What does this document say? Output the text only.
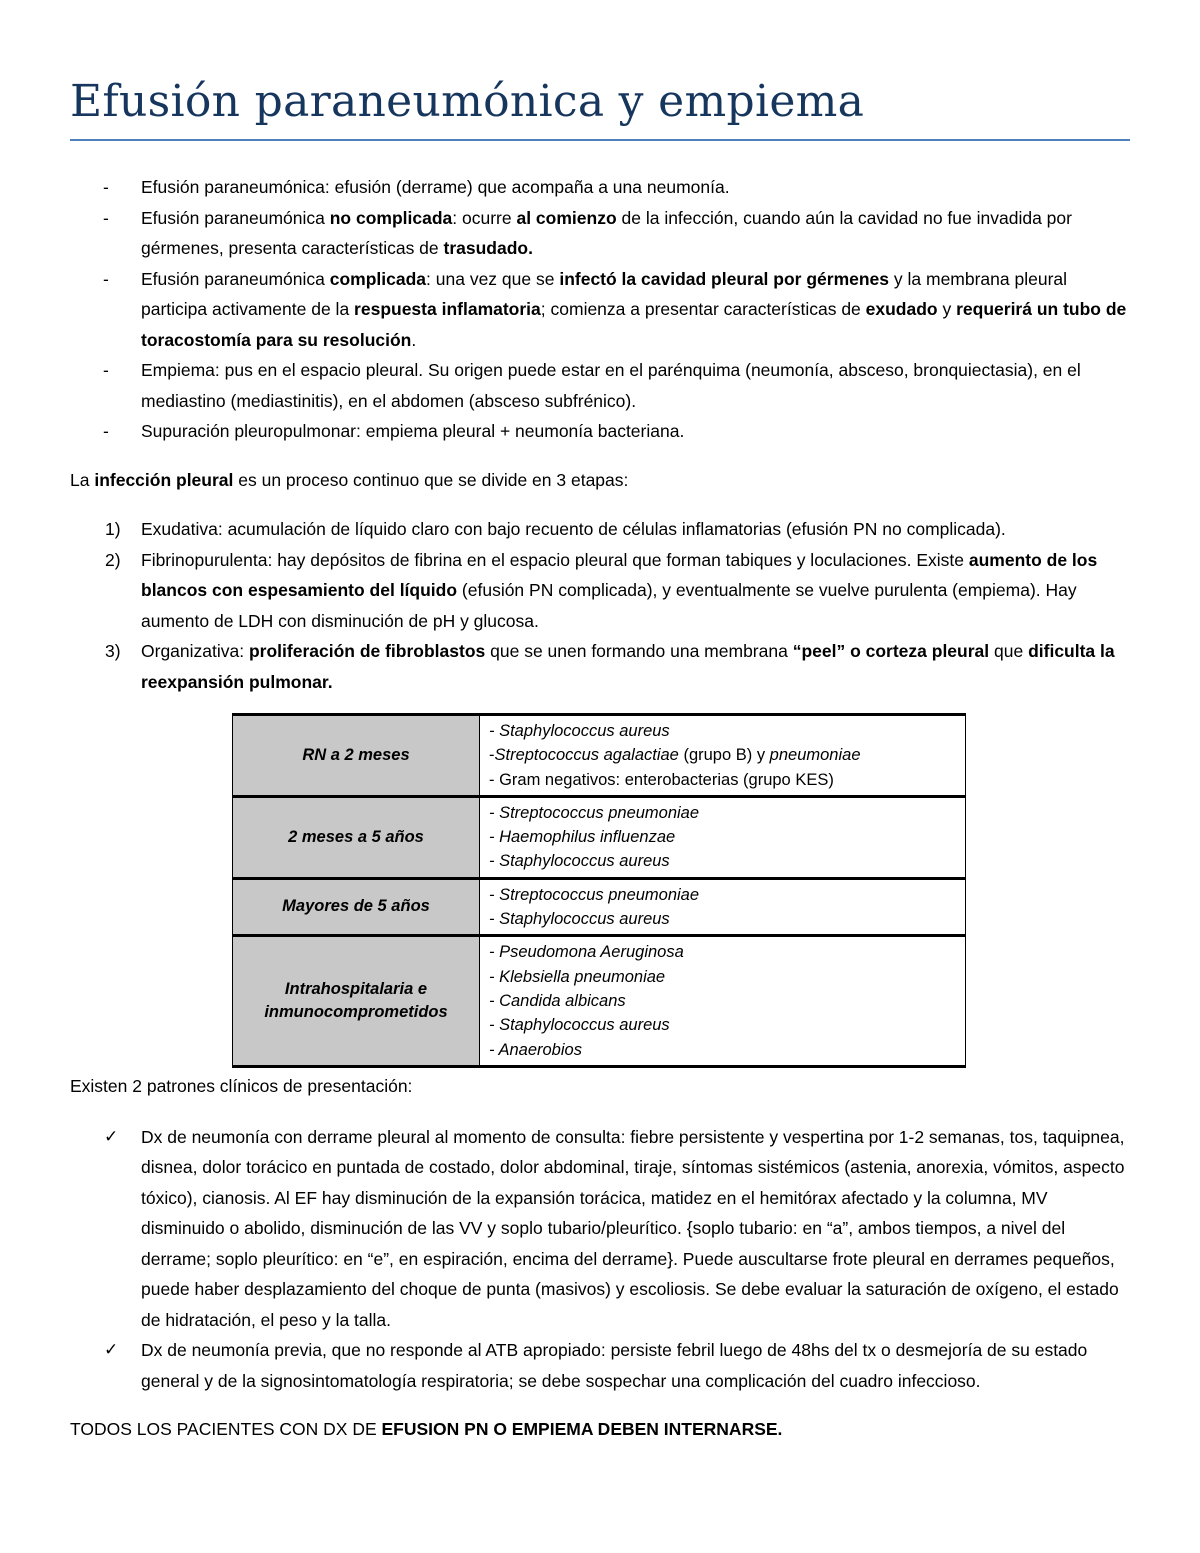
Efusión paraneumónica y empiema
- Efusión paraneumónica: efusión (derrame) que acompaña a una neumonía.
- Efusión paraneumónica no complicada: ocurre al comienzo de la infección, cuando aún la cavidad no fue invadida por gérmenes, presenta características de trasudado.
- Efusión paraneumónica complicada: una vez que se infectó la cavidad pleural por gérmenes y la membrana pleural participa activamente de la respuesta inflamatoria; comienza a presentar características de exudado y requerirá un tubo de toracostomía para su resolución.
- Empiema: pus en el espacio pleural. Su origen puede estar en el parénquima (neumonía, absceso, bronquiectasia), en el mediastino (mediastinitis), en el abdomen (absceso subfrénico).
- Supuración pleuropulmonar: empiema pleural + neumonía bacteriana.

La infección pleural es un proceso continuo que se divide en 3 etapas:

1) Exudativa: acumulación de líquido claro con bajo recuento de células inflamatorias (efusión PN no complicada).
2) Fibrinopurulenta: hay depósitos de fibrina en el espacio pleural que forman tabiques y loculaciones. Existe aumento de los blancos con espesamiento del líquido (efusión PN complicada), y eventualmente se vuelve purulenta (empiema). Hay aumento de LDH con disminución de pH y glucosa.
3) Organizativa: proliferación de fibroblastos que se unen formando una membrana “peel” o corteza pleural que dificulta la reexpansión pulmonar.
RN a 2 meses	- Staphylococcus aureus
-Streptococcus agalactiae (grupo B) y pneumoniae
- Gram negativos: enterobacterias (grupo KES)

2 meses a 5 años	- Streptococcus pneumoniae
- Haemophilus influenzae
- Staphylococcus aureus

Mayores de 5 años	- Streptococcus pneumoniae
- Staphylococcus aureus

Intrahospitalaria e inmunocomprometidos	- Pseudomona Aeruginosa
- Klebsiella pneumoniae
- Candida albicans
- Staphylococcus aureus
- Anaerobios

Existen 2 patrones clínicos de presentación:

✓ Dx de neumonía con derrame pleural al momento de consulta: fiebre persistente y vespertina por 1-2 semanas, tos, taquipnea, disnea, dolor torácico en puntada de costado, dolor abdominal, tiraje, síntomas sistémicos (astenia, anorexia, vómitos, aspecto tóxico), cianosis. Al EF hay disminución de la expansión torácica, matidez en el hemitórax afectado y la columna, MV disminuido o abolido, disminución de las VV y soplo tubario/pleurítico. {soplo tubario: en “a”, ambos tiempos, a nivel del derrame; soplo pleurítico: en “e”, en espiración, encima del derrame}. Puede auscultarse frote pleural en derrames pequeños, puede haber desplazamiento del choque de punta (masivos) y escoliosis. Se debe evaluar la saturación de oxígeno, el estado de hidratación, el peso y la talla.
✓ Dx de neumonía previa, que no responde al ATB apropiado: persiste febril luego de 48hs del tx o desmejoría de su estado general y de la signosintomatología respiratoria; se debe sospechar una complicación del cuadro infeccioso.

TODOS LOS PACIENTES CON DX DE EFUSION PN O EMPIEMA DEBEN INTERNARSE.
